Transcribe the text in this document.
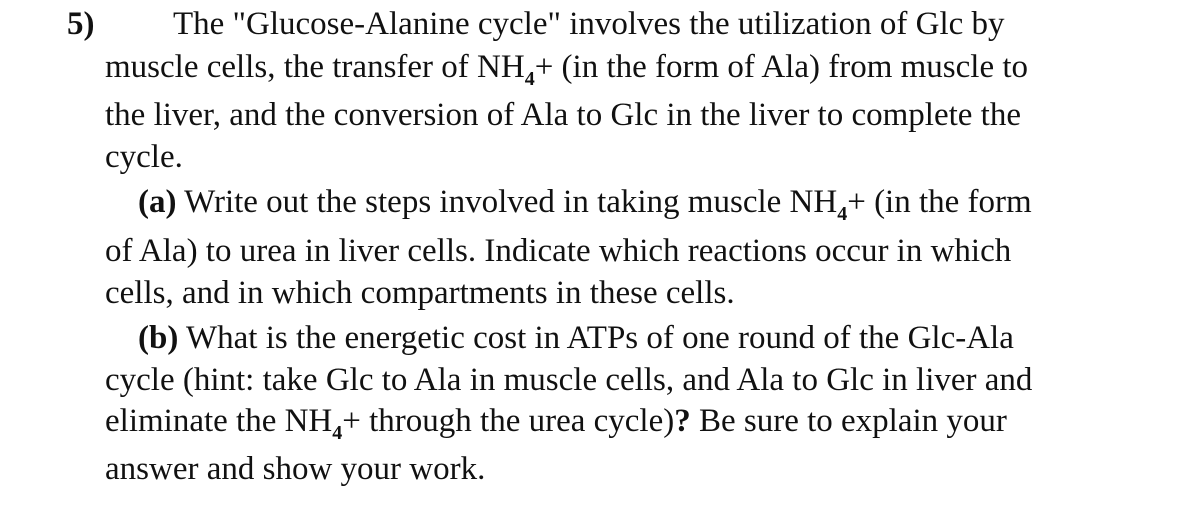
5) The "Glucose-Alanine cycle" involves the utilization of Glc by
muscle cells, the transfer of $NH_4+ (in$ the form of Ala) from muscle to
the liver, and the conversion of Ala to Glc in the liver to complete the
cycle.
(a) Write out the steps involved in taking muscle $NH_4+ (in$ the form
of Ala) to urea in liver cells. Indicate which reactions occur in which
cells, and in which compartments in these cells.
(b) What is the energetic cost in ATPs of one round of the Glc-Ala
cycle (hint: take Glc to Ala in muscle cells, and Ala to Glc in liver and
eliminate the $NH_4+$ through the urea cycle)? Be sure to explain your
answer and show your work.
